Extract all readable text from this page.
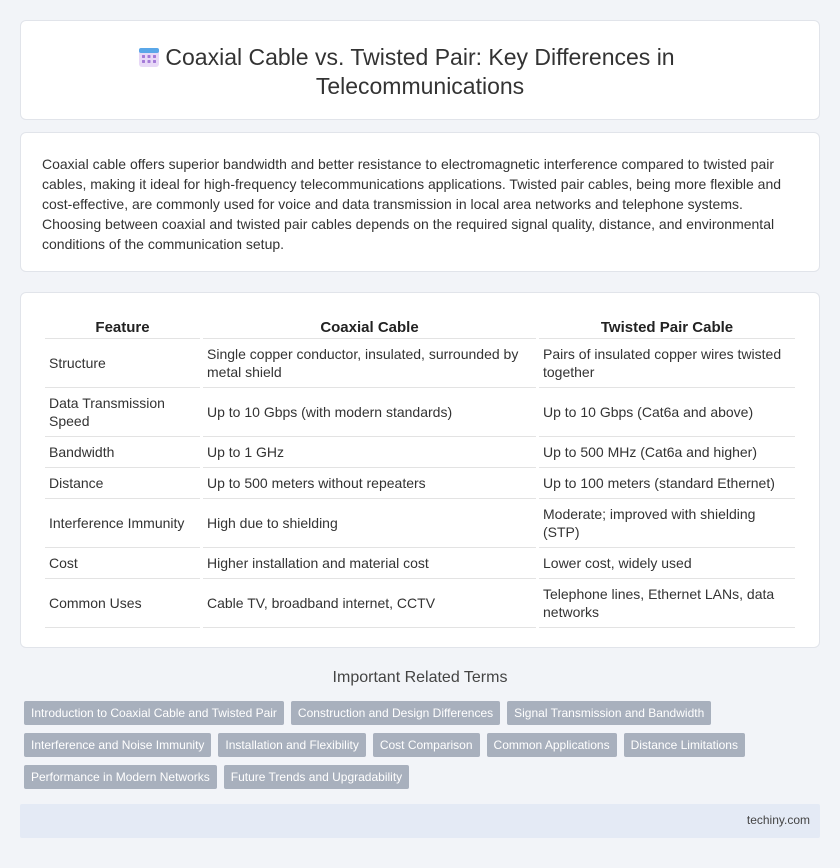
Coaxial Cable vs. Twisted Pair: Key Differences in
Telecommunications

Coaxial cable offers superior bandwidth and better resistance to electromagnetic interference compared to twisted pair cables, making it ideal for high-frequency telecommunications applications. Twisted pair cables, being more flexible and cost-effective, are commonly used for voice and data transmission in local area networks and telephone systems. Choosing between coaxial and twisted pair cables depends on the required signal quality, distance, and environmental conditions of the communication setup.

Feature	Coaxial Cable	Twisted Pair Cable
Structure	Single copper conductor, insulated, surrounded by metal shield	Pairs of insulated copper wires twisted together
Data Transmission Speed	Up to 10 Gbps (with modern standards)	Up to 10 Gbps (Cat6a and above)
Bandwidth	Up to 1 GHz	Up to 500 MHz (Cat6a and higher)
Distance	Up to 500 meters without repeaters	Up to 100 meters (standard Ethernet)
Interference Immunity	High due to shielding	Moderate; improved with shielding (STP)
Cost	Higher installation and material cost	Lower cost, widely used
Common Uses	Cable TV, broadband internet, CCTV	Telephone lines, Ethernet LANs, data networks
Important Related Terms
Introduction to Coaxial Cable and Twisted Pair	Construction and Design Differences	Signal Transmission and Bandwidth
Interference and Noise Immunity	Installation and Flexibility	Cost Comparison	Common Applications	Distance Limitations
Performance in Modern Networks	Future Trends and Upgradability
techiny.com
